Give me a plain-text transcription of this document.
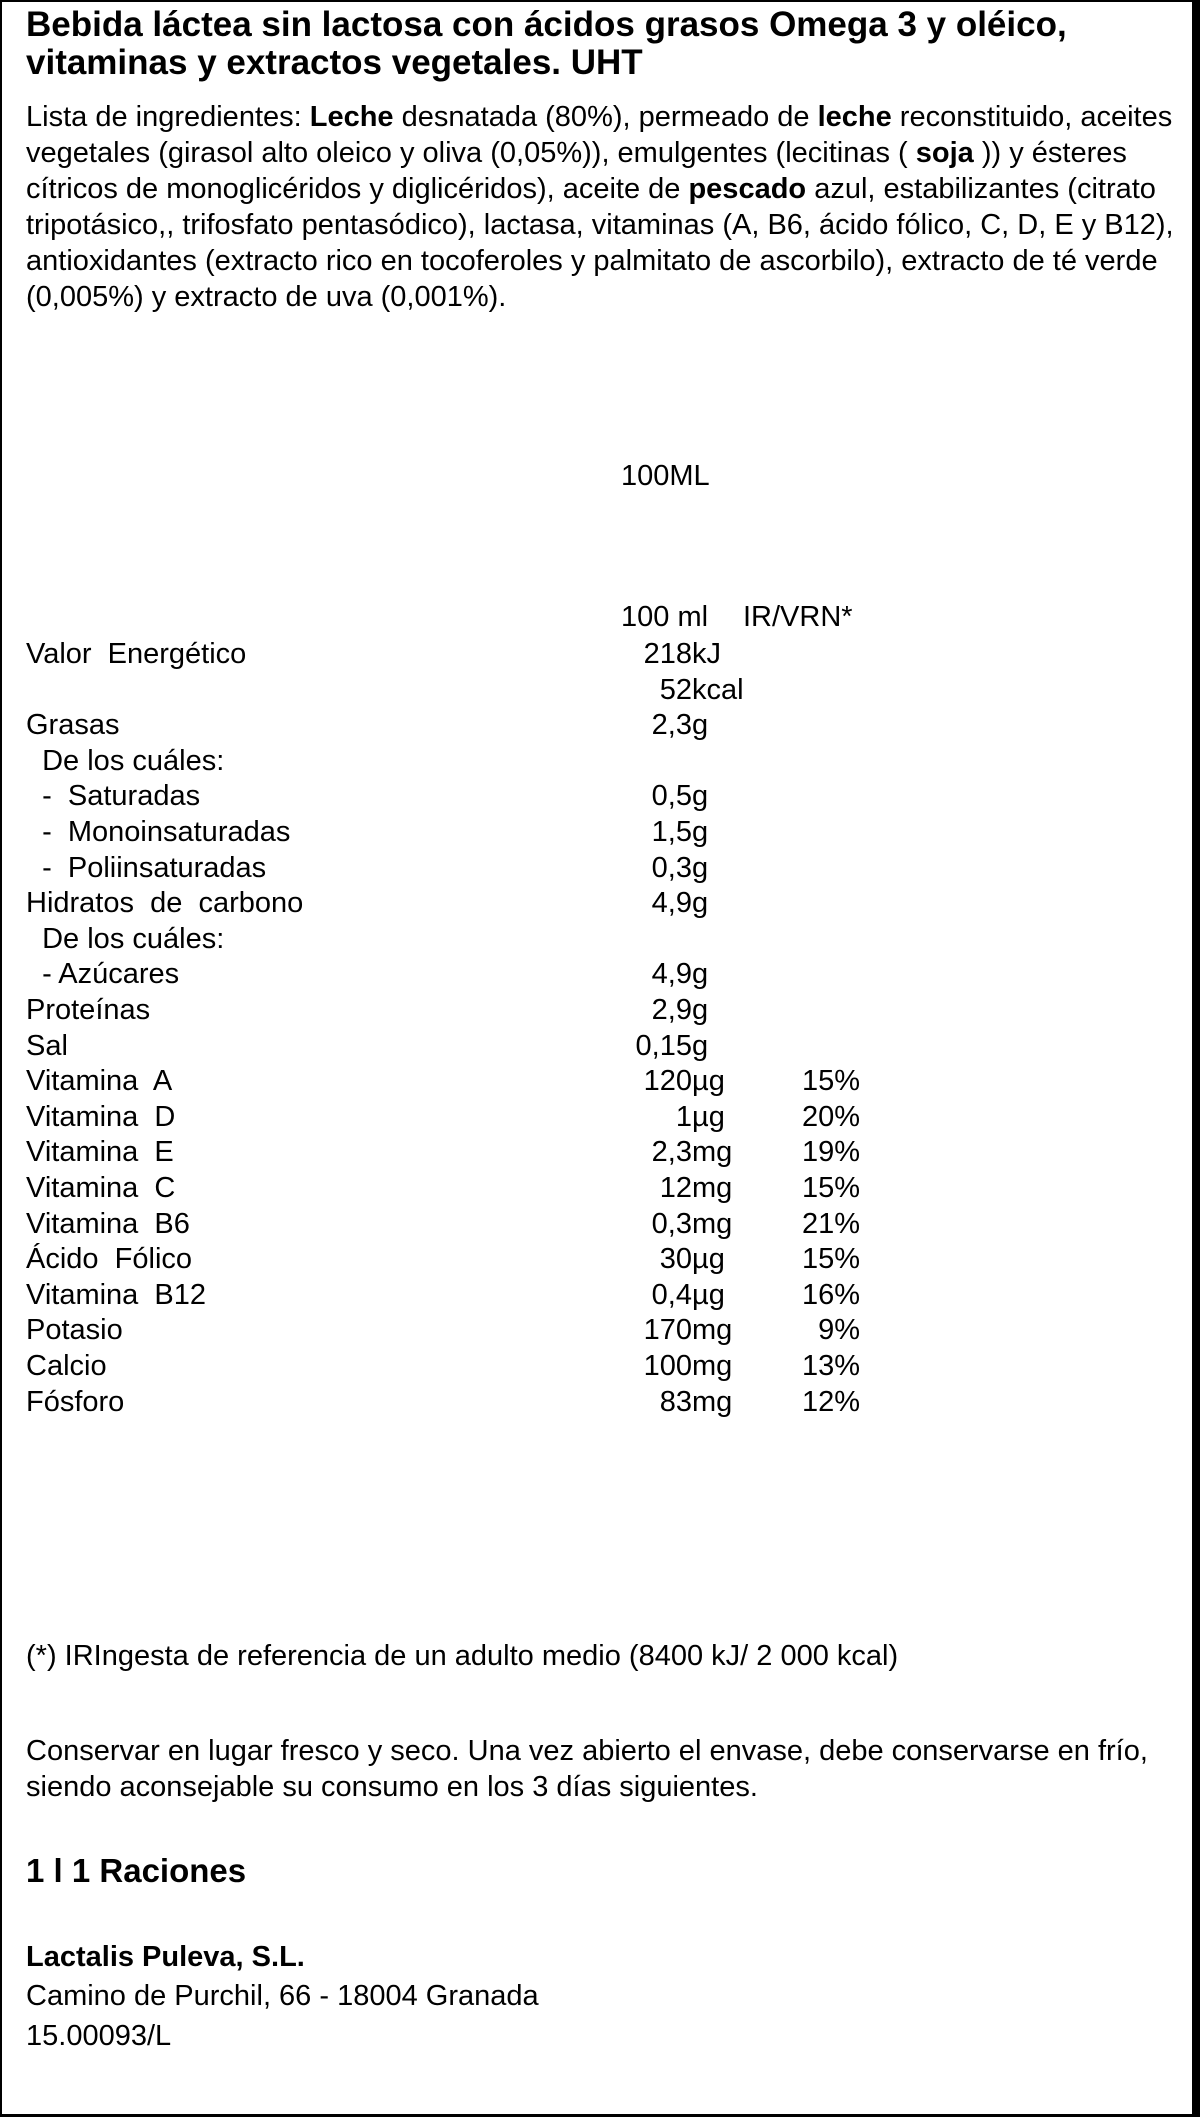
Bebida láctea sin lactosa con ácidos grasos Omega 3 y oléico, vitaminas y extractos vegetales. UHT
Lista de ingredientes: Leche desnatada (80%), permeado de leche reconstituido, aceites vegetales (girasol alto oleico y oliva (0,05%)), emulgentes (lecitinas ( soja )) y ésteres cítricos de monoglicéridos y diglicéridos), aceite de pescado azul, estabilizantes (citrato tripotásico,, trifosfato pentasódico), lactasa, vitaminas (A, B6, ácido fólico, C, D, E y B12), antioxidantes (extracto rico en tocoferoles y palmitato de ascorbilo), extracto de té verde (0,005%) y extracto de uva (0,001%).
100ML
100 ml IR/VRN*
Valor  Energético	218 kJ
52 kcal
Grasas	2,3 g
De los cuáles:
-  Saturadas	0,5 g
-  Monoinsaturadas	1,5 g
-  Poliinsaturadas	0,3 g
Hidratos  de  carbono	4,9 g
De los cuáles:
- Azúcares	4,9 g
Proteínas	2,9 g
Sal	0,15 g
Vitamina  A	120 µg	15%
Vitamina  D	1 µg	20%
Vitamina  E	2,3 mg 19%
Vitamina  C	12 mg 15%
Vitamina  B6	0,3 mg 21%
Ácido  Fólico	30 µg	15%
Vitamina  B12	0,4 µg	16%
Potasio	170 mg	9%
Calcio	100 mg 13%
Fósforo	83 mg 12%
(*) IRIngesta de referencia de un adulto medio (8400 kJ/ 2 000 kcal)
Conservar en lugar fresco y seco. Una vez abierto el envase, debe conservarse en frío, siendo aconsejable su consumo en los 3 días siguientes.
1 l 1 Raciones
Lactalis Puleva, S.L.
Camino de Purchil, 66 - 18004 Granada
15.00093/L
